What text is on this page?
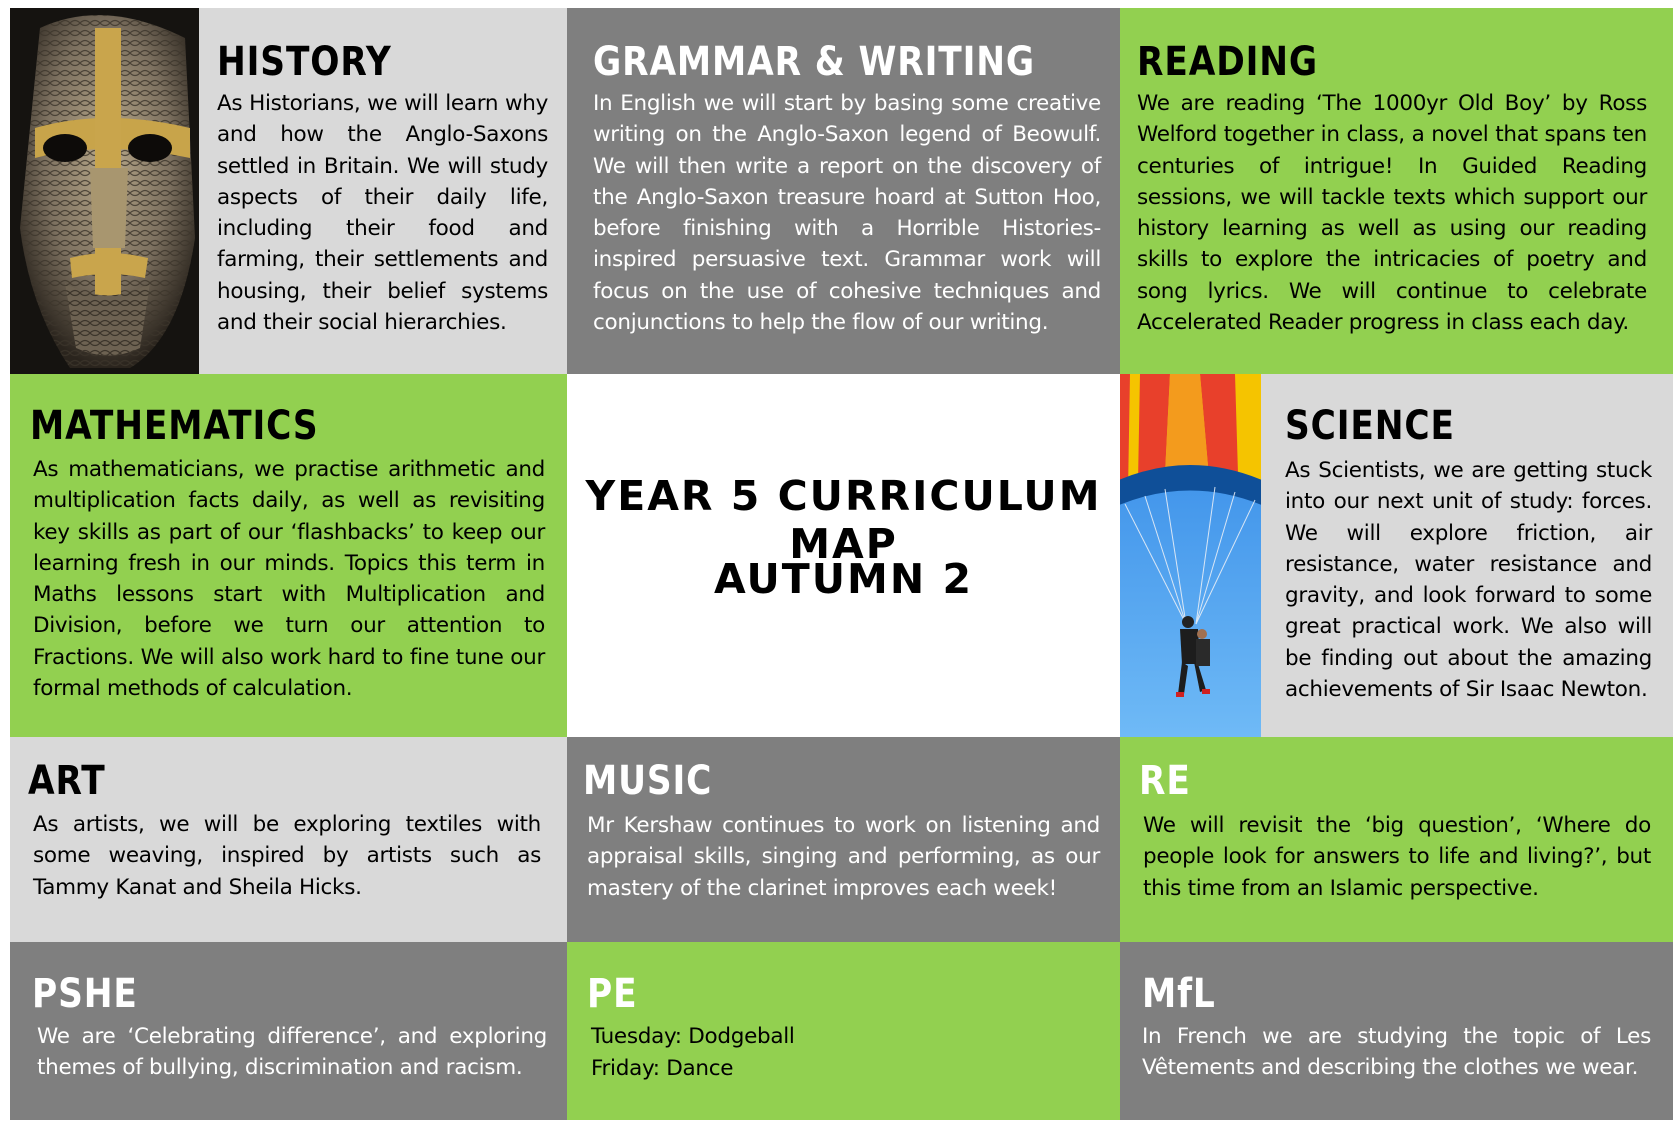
HISTORY

As Historians, we will learn why and how the Anglo-Saxons settled in Britain. We will study aspects of their daily life, including their food and farming, their settlements and housing, their belief systems and their social hierarchies.

GRAMMAR & WRITING

In English we will start by basing some creative writing on the Anglo-Saxon legend of Beowulf. We will then write a report on the discovery of the Anglo-Saxon treasure hoard at Sutton Hoo, before finishing with a Horrible Histories-inspired persuasive text. Grammar work will focus on the use of cohesive techniques and conjunctions to help the flow of our writing.

READING

We are reading ‘The 1000yr Old Boy’ by Ross Welford together in class, a novel that spans ten centuries of intrigue! In Guided Reading sessions, we will tackle texts which support our history learning as well as using our reading skills to explore the intricacies of poetry and song lyrics. We will continue to celebrate Accelerated Reader progress in class each day.

MATHEMATICS

As mathematicians, we practise arithmetic and multiplication facts daily, as well as revisiting key skills as part of our ‘flashbacks’ to keep our learning fresh in our minds. Topics this term in Maths lessons start with Multiplication and Division, before we turn our attention to Fractions. We will also work hard to fine tune our formal methods of calculation.

YEAR 5 CURRICULUM MAP
AUTUMN 2
SCIENCE

As Scientists, we are getting stuck into our next unit of study: forces. We will explore friction, air resistance, water resistance and gravity, and look forward to some great practical work. We also will be finding out about the amazing achievements of Sir Isaac Newton.

ART

As artists, we will be exploring textiles with some weaving, inspired by artists such as Tammy Kanat and Sheila Hicks.

MUSIC

Mr Kershaw continues to work on listening and appraisal skills, singing and performing, as our mastery of the clarinet improves each week!

RE

We will revisit the ‘big question’, ‘Where do people look for answers to life and living?’, but this time from an Islamic perspective.

PSHE

We are ‘Celebrating difference’, and exploring themes of bullying, discrimination and racism.

PE

Tuesday: Dodgeball

Friday: Dance

MfL

In French we are studying the topic of Les Vêtements and describing the clothes we wear.
